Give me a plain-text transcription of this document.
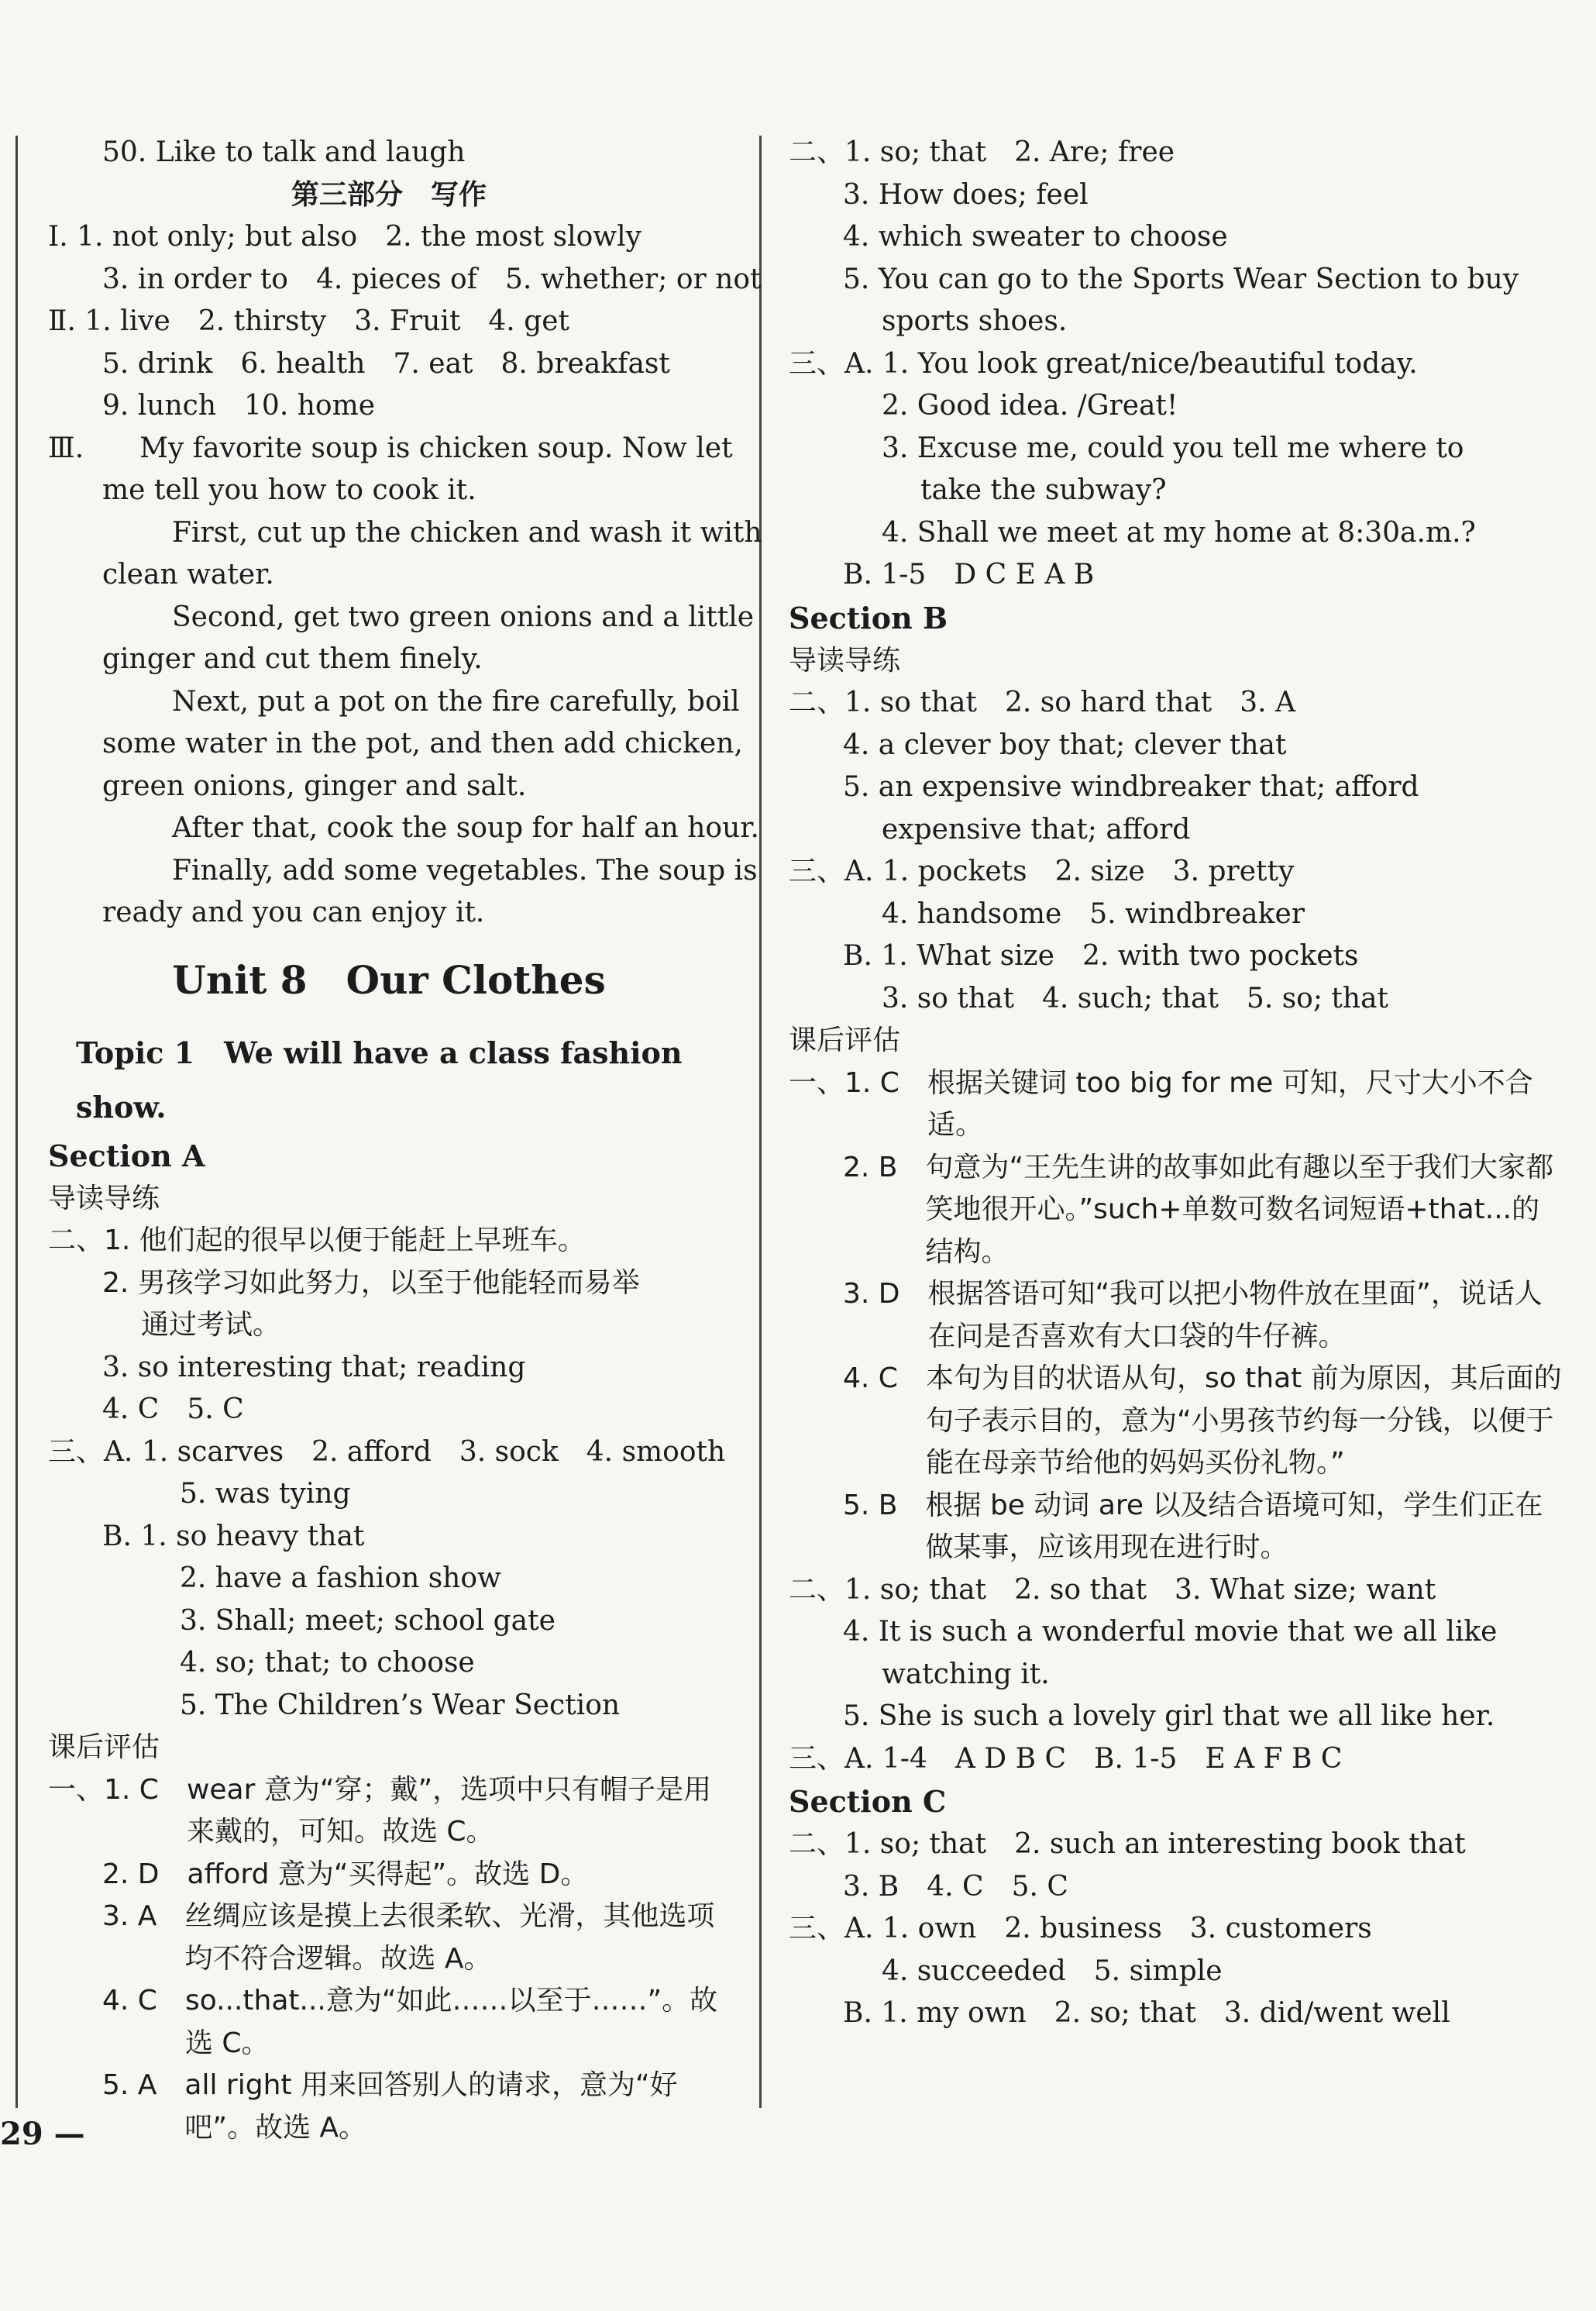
50. Like to talk and laugh
第三部分　写作
Ⅰ. 1. not only; but also　2. the most slowly
3. in order to　4. pieces of　5. whether; or not
Ⅱ. 1. live　2. thirsty　3. Fruit　4. get
5. drink　6. health　7. eat　8. breakfast
9. lunch　10. home
Ⅲ.　　My favorite soup is chicken soup. Now let
me tell you how to cook it.
First, cut up the chicken and wash it with
clean water.
Second, get two green onions and a little
ginger and cut them finely.
Next, put a pot on the fire carefully, boil
some water in the pot, and then add chicken,
green onions, ginger and salt.
After that, cook the soup for half an hour.
Finally, add some vegetables. The soup is
ready and you can enjoy it.
Unit 8　Our Clothes
Topic 1　We will have a class fashion show.
Section A
导读导练
二、1. 他们起的很早以便于能赶上早班车。
2. 男孩学习如此努力，以至于他能轻而易举
通过考试。
3. so interesting that; reading
4. C　5. C
三、A. 1. scarves　2. afford　3. sock　4. smooth
5. was tying
B. 1. so heavy that
2. have a fashion show
3. Shall; meet; school gate
4. so; that; to choose
5. The Children’s Wear Section
课后评估
一、1. C　 wear 意为“穿；戴”，选项中只有帽子是用来戴的，可知。故选 C。
2. D　 afford 意为“买得起”。故选 D。
3. A　 丝绸应该是摸上去很柔软、光滑，其他选项均不符合逻辑。故选 A。
4. C　 so...that...意为“如此……以至于……”。故选 C。
5. A　 all right 用来回答别人的请求，意为“好吧”。故选 A。
二、1. so; that　2. Are; free
3. How does; feel
4. which sweater to choose
5. You can go to the Sports Wear Section to buy
sports shoes.
三、A. 1. You look great/nice/beautiful today.
2. Good idea. /Great!
3. Excuse me, could you tell me where to
take the subway?
4. Shall we meet at my home at 8:30a.m.?
B. 1-5　D C E A B
Section B
导读导练
二、1. so that　2. so hard that　3. A
4. a clever boy that; clever that
5. an expensive windbreaker that; afford
expensive that; afford
三、A. 1. pockets　2. size　3. pretty
4. handsome　5. windbreaker
B. 1. What size　2. with two pockets
3. so that　4. such; that　5. so; that
课后评估
一、1. C　 根据关键词 too big for me 可知，尺寸大小不合适。
2. B　 句意为“王先生讲的故事如此有趣以至于我们大家都笑地很开心。”such+单数可数名词短语+that...的结构。
3. D　 根据答语可知“我可以把小物件放在里面”，说话人在问是否喜欢有大口袋的牛仔裤。
4. C　 本句为目的状语从句，so that 前为原因，其后面的句子表示目的，意为“小男孩节约每一分钱，以便于能在母亲节给他的妈妈买份礼物。”
5. B　 根据 be 动词 are 以及结合语境可知，学生们正在做某事，应该用现在进行时。
二、1. so; that　2. so that　3. What size; want
4. It is such a wonderful movie that we all like
watching it.
5. She is such a lovely girl that we all like her.
三、A. 1-4　A D B C　B. 1-5　E A F B C
Section C
二、1. so; that　2. such an interesting book that
3. B　4. C　5. C
三、A. 1. own　2. business　3. customers
4. succeeded　5. simple
B. 1. my own　2. so; that　3. did/went well
29 —
